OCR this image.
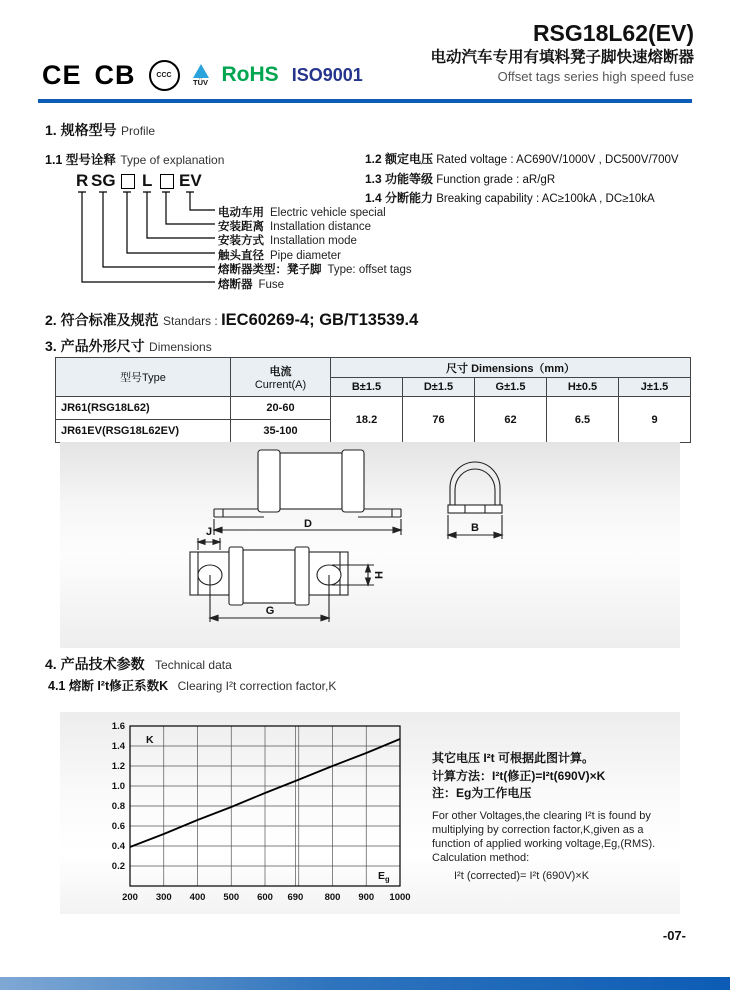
CE CB	CCC
TÜV RoHS ISO9001
RSG18L62(EV)
电动汽车专用有填料凳子脚快速熔断器
Offset tags series high speed fuse
1. 规格型号 Profile
1.1 型号诠释 Type of explanation	1.2 额定电压 Rated voltage : AC690V/1000V , DC500V/700V
1.3 功能等级 Function grade : aR/gR
1.4 分断能力 Breaking capability : AC≥100kA , DC≥10kA
R SG L EV
电动车用 Electric vehicle special
安装距离 Installation distance
安装方式 Installation mode
触头直径 Pipe diameter
熔断器类型：凳子脚 Type: offset tags
熔断器 Fuse
2. 符合标准及规范 Standars : IEC60269-4; GB/T13539.4
3. 产品外形尺寸 Dimensions
型号Type	电流
Current(A)	尺寸 Dimensions（mm）				
		B±1.5	D±1.5	G±1.5	H±0.5	J±1.5
JR61(RSG18L62)	20-60	18.2	76	62	6.5	9
JR61EV(RSG18L62EV)	35-100					
D	B
J
H
G
4. 产品技术参数 Technical data
4.1 熔断 I²t修正系数K Clearing I²t correction factor,K
0.2
0.4
0.6
0.8
1.0
1.2
1.4
1.6
200 300 400 500 600 690 800 900 1000
K
$E_g$
其它电压 I²t 可根据此图计算。
计算方法：I²t(修正)=I²t(690V)×K
注：Eg为工作电压
For other Voltages,the clearing I²t is found by multiplying by correction factor,K,given as a function of applied working voltage,Eg,(RMS). Calculation method:
I²t (corrected)= I²t (690V)×K
-07-
